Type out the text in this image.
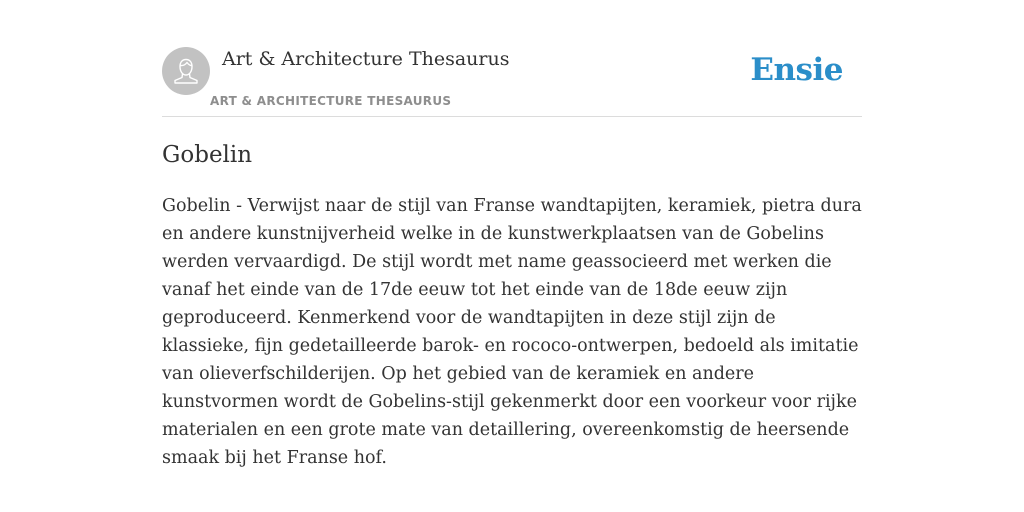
Art & Architecture Thesaurus
ART & ARCHITECTURE THESAURUS
Ensie
Gobelin

Gobelin - Verwijst naar de stijl van Franse wandtapijten, keramiek, pietra dura en andere kunstnijverheid welke in de kunstwerkplaatsen van de Gobelins werden vervaardigd. De stijl wordt met name geassocieerd met werken die vanaf het einde van de 17de eeuw tot het einde van de 18de eeuw zijn geproduceerd. Kenmerkend voor de wandtapijten in deze stijl zijn de klassieke, fijn gedetailleerde barok- en rococo-ontwerpen, bedoeld als imitatie van olieverfschilderijen. Op het gebied van de keramiek en andere kunstvormen wordt de Gobelins-stijl gekenmerkt door een voorkeur voor rijke materialen en een grote mate van detaillering, overeenkomstig de heersende smaak bij het Franse hof.
